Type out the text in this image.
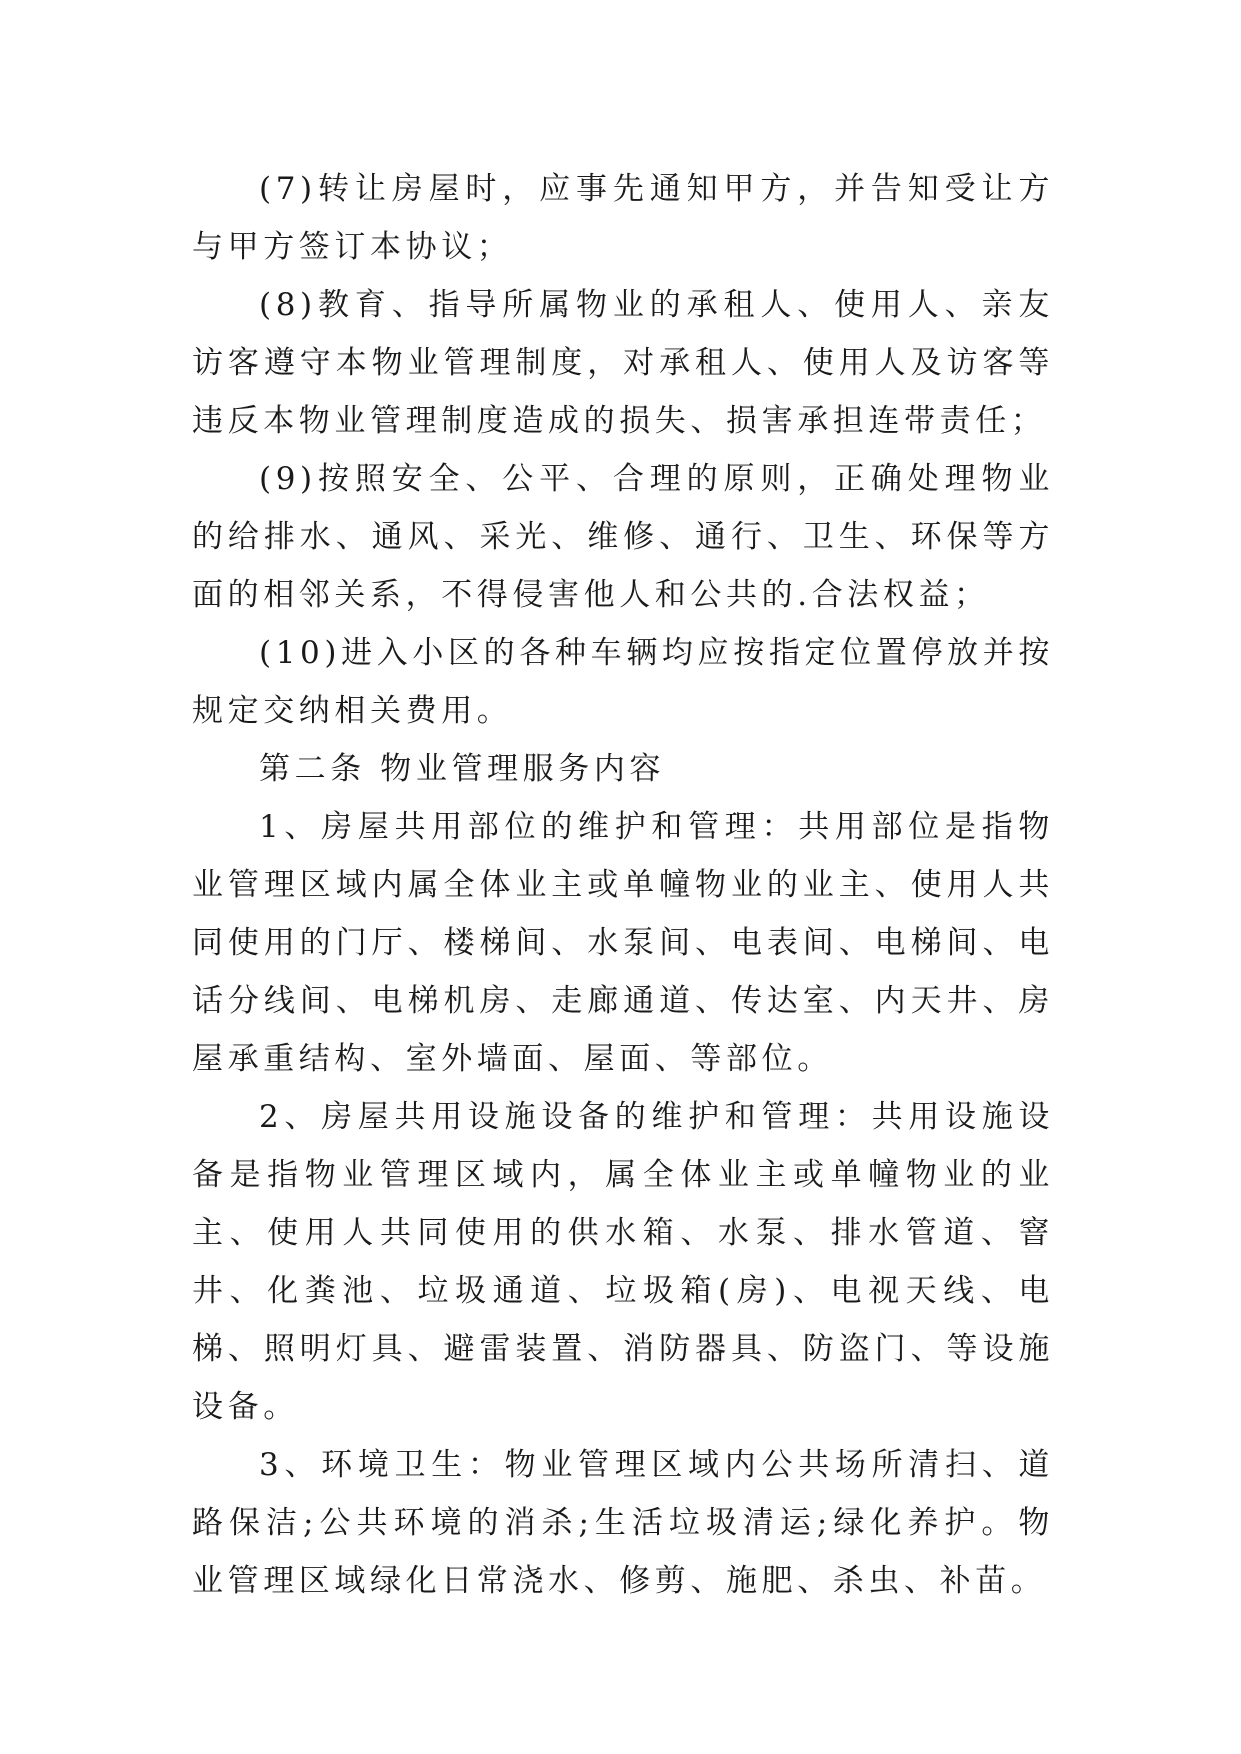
(7)转让房屋时，应事先通知甲方，并告知受让方与甲方签订本协议；

(8)教育、指导所属物业的承租人、使用人、亲友访客遵守本物业管理制度，对承租人、使用人及访客等违反本物业管理制度造成的损失、损害承担连带责任；

(9)按照安全、公平、合理的原则，正确处理物业的给排水、通风、采光、维修、通行、卫生、环保等方面的相邻关系，不得侵害他人和公共的.合法权益；

(10)进入小区的各种车辆均应按指定位置停放并按规定交纳相关费用。

第二条 物业管理服务内容

1、房屋共用部位的维护和管理：共用部位是指物业管理区域内属全体业主或单幢物业的业主、使用人共同使用的门厅、楼梯间、水泵间、电表间、电梯间、电话分线间、电梯机房、走廊通道、传达室、内天井、房屋承重结构、室外墙面、屋面、等部位。

2、房屋共用设施设备的维护和管理：共用设施设备是指物业管理区域内，属全体业主或单幢物业的业主、使用人共同使用的供水箱、水泵、排水管道、窨井、化粪池、垃圾通道、垃圾箱(房)、电视天线、电梯、照明灯具、避雷装置、消防器具、防盗门、等设施设备。

3、环境卫生：物业管理区域内公共场所清扫、道路保洁;公共环境的消杀;生活垃圾清运;绿化养护。物业管理区域绿化日常浇水、修剪、施肥、杀虫、补苗。
